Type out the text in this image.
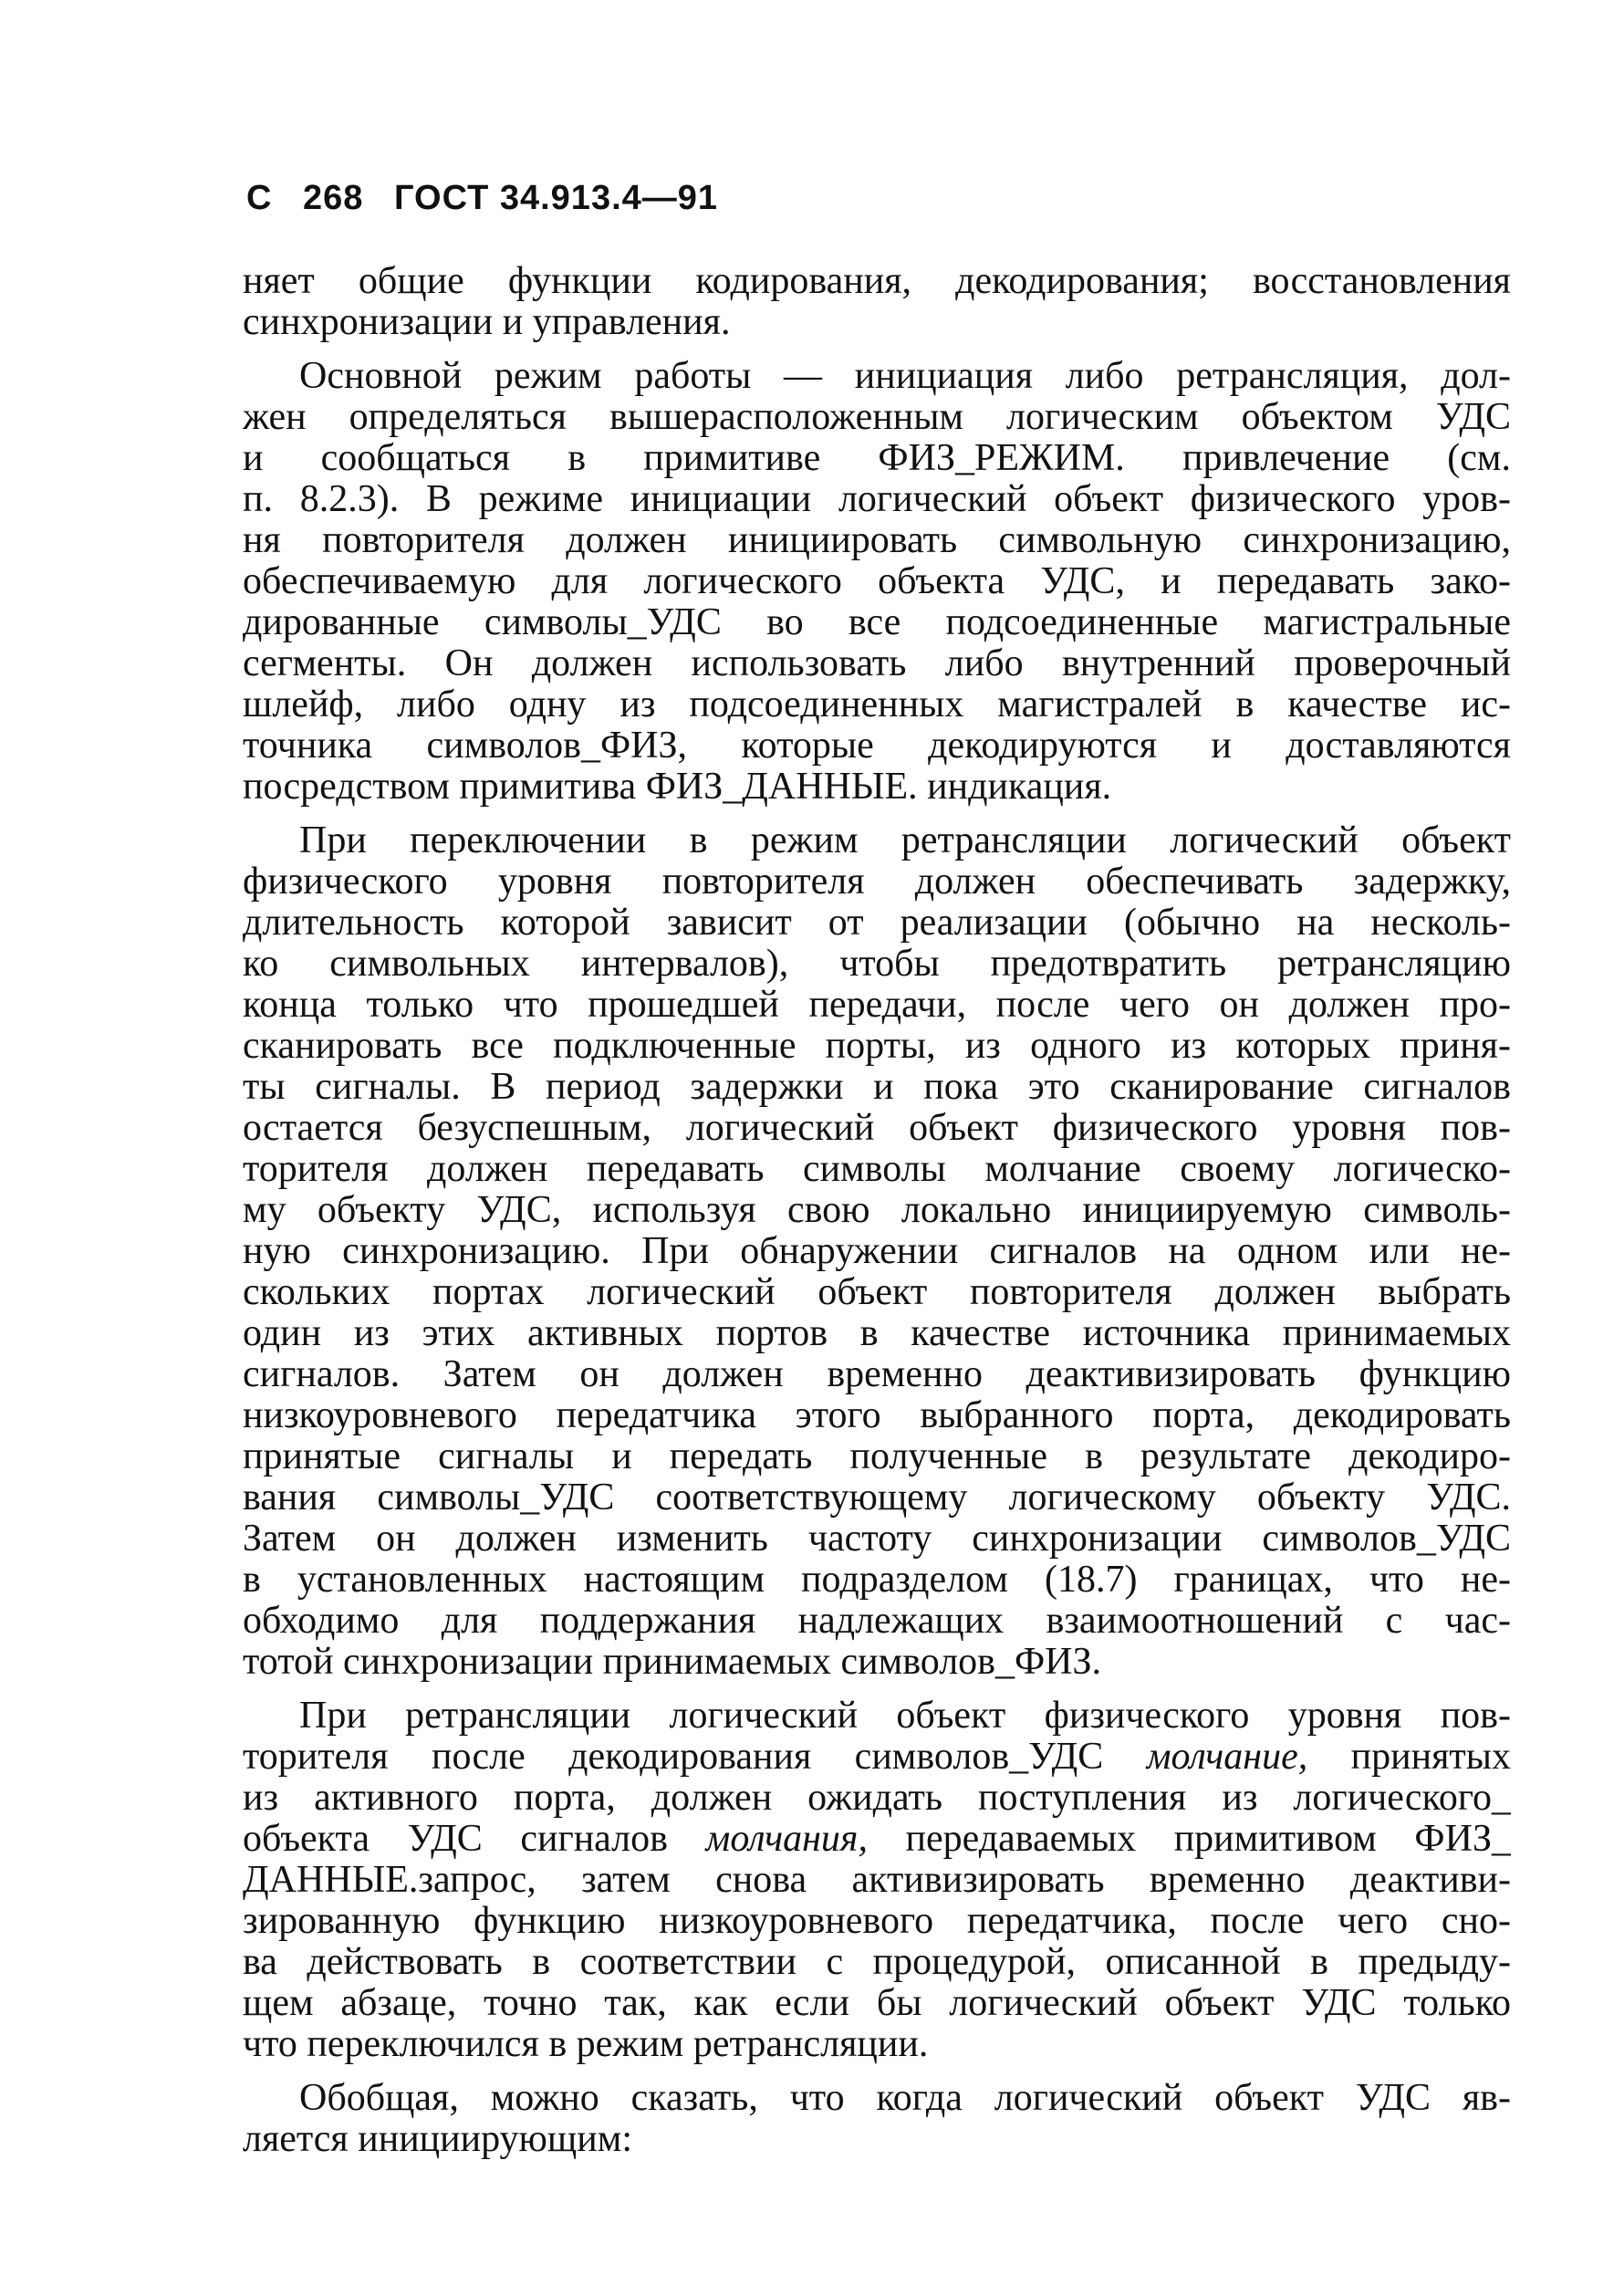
С 268 ГОСТ 34.913.4—91
няет общие функции кодирования, декодирования; восстановления
синхронизации и управления.
Основной режим работы — инициация либо ретрансляция, дол-
жен определяться вышерасположенным логическим объектом УДС
и сообщаться в примитиве ФИЗ_РЕЖИМ. привлечение (см.
п. 8.2.3). В режиме инициации логический объект физического уров-
ня повторителя должен инициировать символьную синхронизацию,
обеспечиваемую для логического объекта УДС, и передавать зако-
дированные символы_УДС во все подсоединенные магистральные
сегменты. Он должен использовать либо внутренний проверочный
шлейф, либо одну из подсоединенных магистралей в качестве ис-
точника символов_ФИЗ, которые декодируются и доставляются
посредством примитива ФИЗ_ДАННЫЕ. индикация.
При переключении в режим ретрансляции логический объект
физического уровня повторителя должен обеспечивать задержку,
длительность которой зависит от реализации (обычно на несколь-
ко символьных интервалов), чтобы предотвратить ретрансляцию
конца только что прошедшей передачи, после чего он должен про-
сканировать все подключенные порты, из одного из которых приня-
ты сигналы. В период задержки и пока это сканирование сигналов
остается безуспешным, логический объект физического уровня пов-
торителя должен передавать символы молчание своему логическо-
му объекту УДС, используя свою локально инициируемую символь-
ную синхронизацию. При обнаружении сигналов на одном или не-
скольких портах логический объект повторителя должен выбрать
один из этих активных портов в качестве источника принимаемых
сигналов. Затем он должен временно деактивизировать функцию
низкоуровневого передатчика этого выбранного порта, декодировать
принятые сигналы и передать полученные в результате декодиро-
вания символы_УДС соответствующему логическому объекту УДС.
Затем он должен изменить частоту синхронизации символов_УДС
в установленных настоящим подразделом (18.7) границах, что не-
обходимо для поддержания надлежащих взаимоотношений с час-
тотой синхронизации принимаемых символов_ФИЗ.
При ретрансляции логический объект физического уровня пов-
торителя после декодирования символов_УДС молчание, принятых
из активного порта, должен ожидать поступления из логического_
объекта УДС сигналов молчания, передаваемых примитивом ФИЗ_
ДАННЫЕ.запрос, затем снова активизировать временно деактиви-
зированную функцию низкоуровневого передатчика, после чего сно-
ва действовать в соответствии с процедурой, описанной в предыду-
щем абзаце, точно так, как если бы логический объект УДС только
что переключился в режим ретрансляции.
Обобщая, можно сказать, что когда логический объект УДС яв-
ляется инициирующим:
